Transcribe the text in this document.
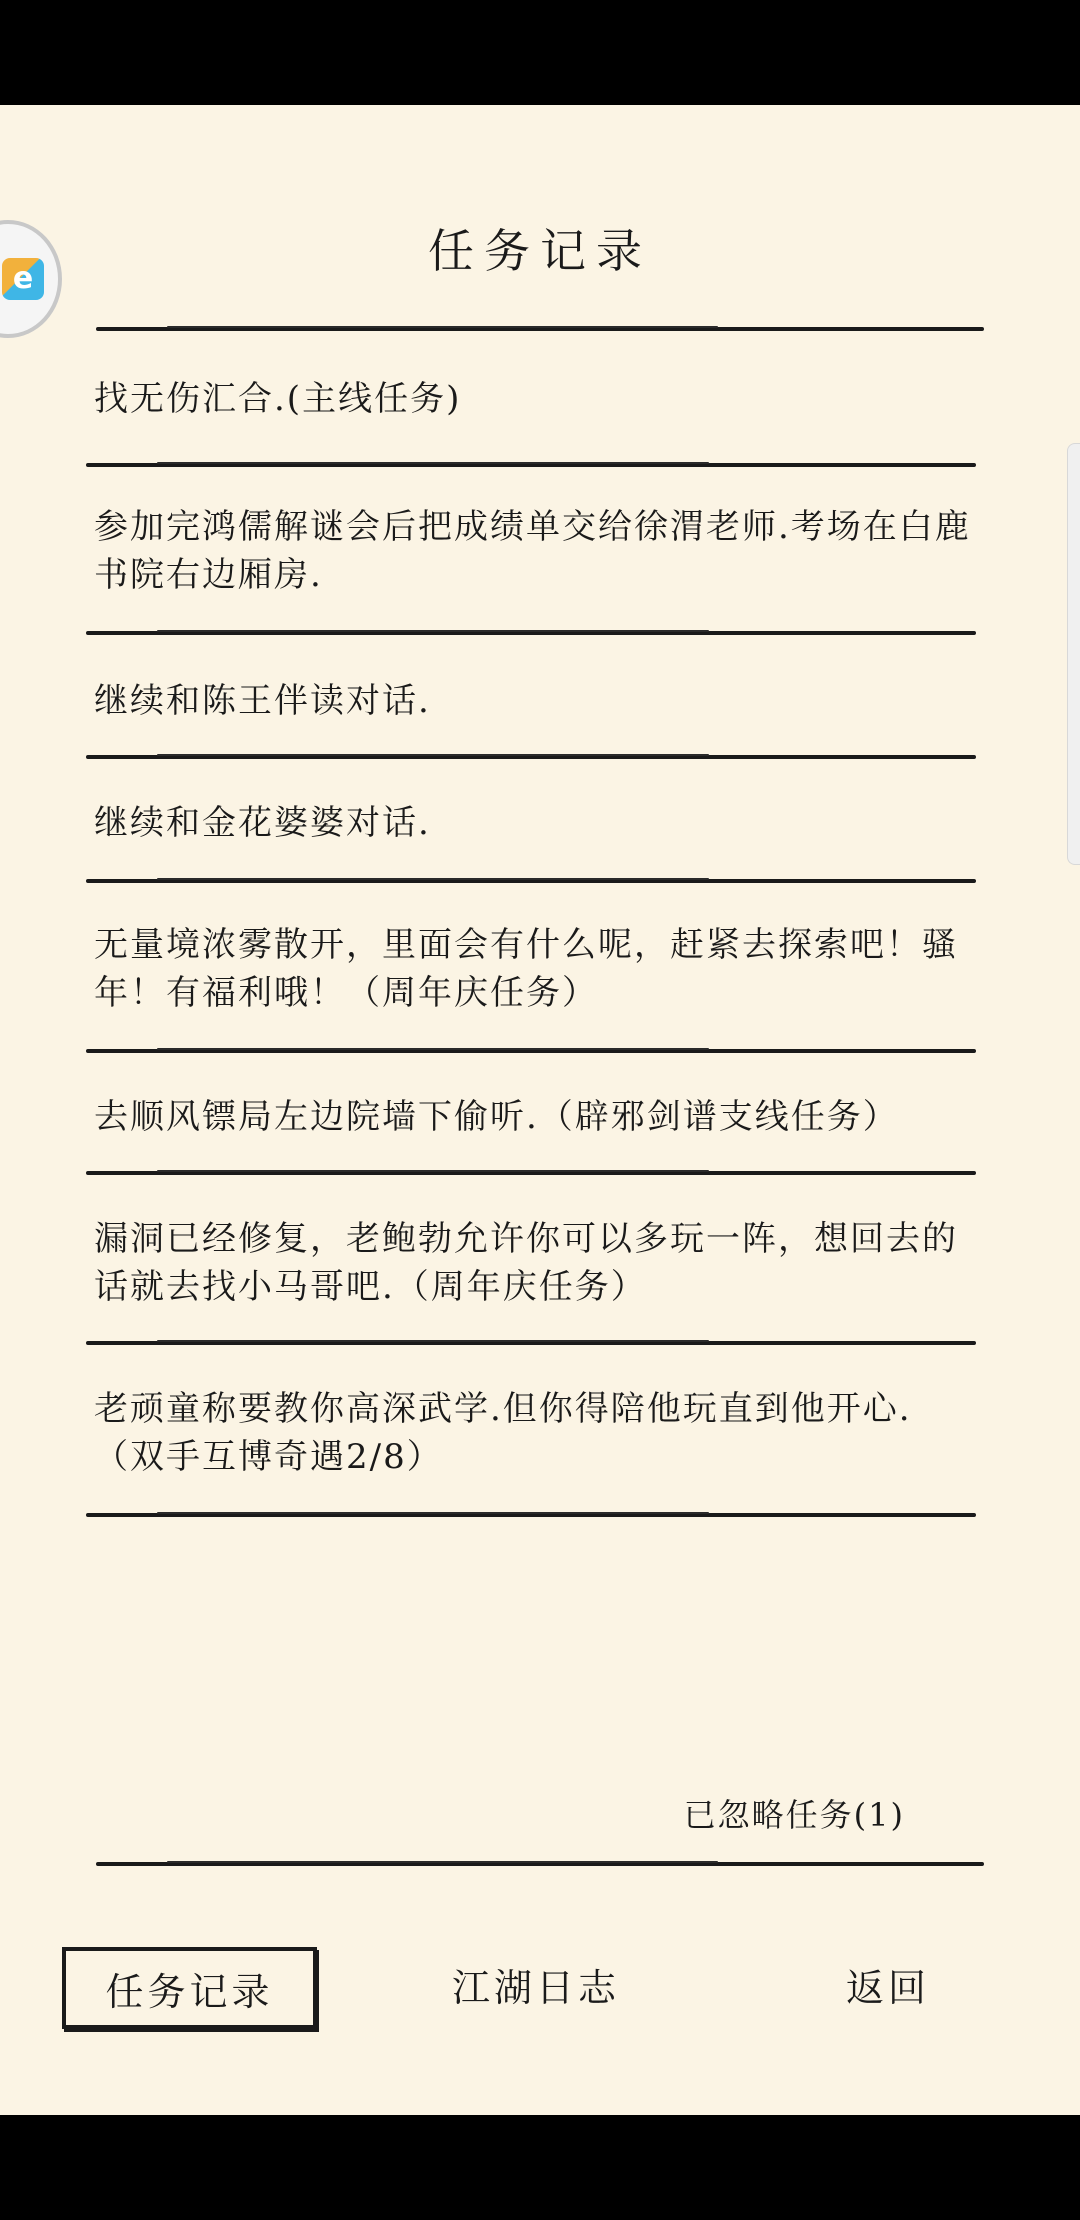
e
任务记录
找无伤汇合.(主线任务)
参加完鸿儒解谜会后把成绩单交给徐渭老师.考场在白鹿书院右边厢房.
继续和陈王伴读对话.
继续和金花婆婆对话.
无量境浓雾散开，里面会有什么呢，赶紧去探索吧！骚年！有福利哦！（周年庆任务）
去顺风镖局左边院墙下偷听.（辟邪剑谱支线任务）
漏洞已经修复，老鲍勃允许你可以多玩一阵，想回去的话就去找小马哥吧.（周年庆任务）
老顽童称要教你高深武学.但你得陪他玩直到他开心.（双手互博奇遇2/8）
已忽略任务(1)
任务记录	江湖日志	返回
